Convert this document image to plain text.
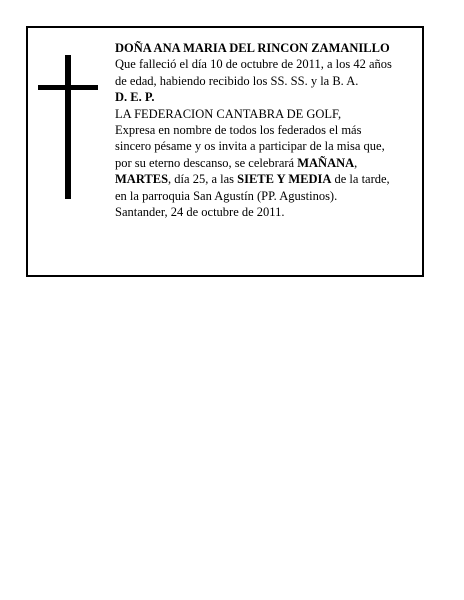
DOÑA ANA MARIA DEL RINCON ZAMANILLO
Que falleció el día 10 de octubre de 2011, a los 42 años
de edad, habiendo recibido los SS. SS. y la B. A.
D. E. P.
LA FEDERACION CANTABRA DE GOLF,
Expresa en nombre de todos los federados el más
sincero pésame y os invita a participar de la misa que,
por su eterno descanso, se celebrará MAÑANA,
MARTES, día 25, a las SIETE Y MEDIA de la tarde,
en la parroquia San Agustín (PP. Agustinos).
Santander, 24 de octubre de 2011.
